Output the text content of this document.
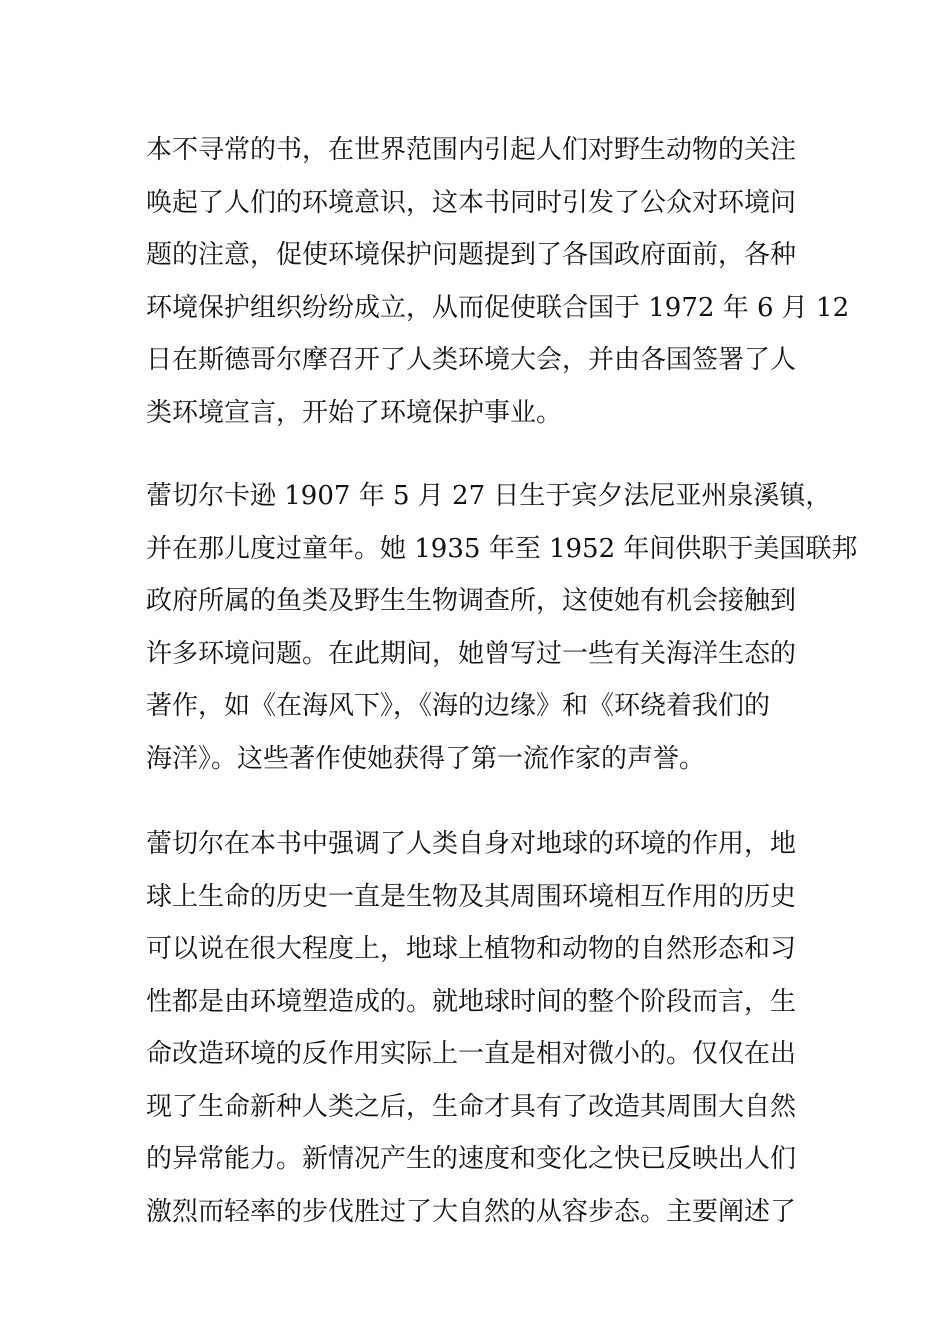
本不寻常的书，在世界范围内引起人们对野生动物的关注
唤起了人们的环境意识，这本书同时引发了公众对环境问
题的注意，促使环境保护问题提到了各国政府面前，各种
环境保护组织纷纷成立，从而促使联合国于 1972 年 6 月 12
日在斯德哥尔摩召开了人类环境大会，并由各国签署了人
类环境宣言，开始了环境保护事业。

蕾切尔卡逊 1907 年 5 月 27 日生于宾夕法尼亚州泉溪镇，
并在那儿度过童年。她 1935 年至 1952 年间供职于美国联邦
政府所属的鱼类及野生生物调查所，这使她有机会接触到
许多环境问题。在此期间，她曾写过一些有关海洋生态的
著作，如《在海风下》，《海的边缘》和《环绕着我们的
海洋》。这些著作使她获得了第一流作家的声誉。

蕾切尔在本书中强调了人类自身对地球的环境的作用，地
球上生命的历史一直是生物及其周围环境相互作用的历史
可以说在很大程度上，地球上植物和动物的自然形态和习
性都是由环境塑造成的。就地球时间的整个阶段而言，生
命改造环境的反作用实际上一直是相对微小的。仅仅在出
现了生命新种人类之后，生命才具有了改造其周围大自然
的异常能力。新情况产生的速度和变化之快已反映出人们
激烈而轻率的步伐胜过了大自然的从容步态。主要阐述了
